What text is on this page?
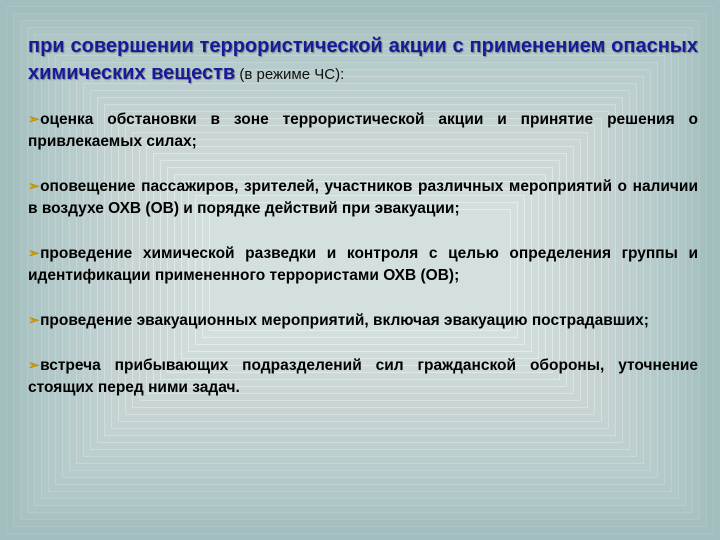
при совершении террористической акции с применением опасных химических веществ (в режиме ЧС):

➢ оценка обстановки в зоне террористической акции и принятие решения о привлекаемых силах;
➢ оповещение пассажиров, зрителей, участников различных мероприятий о наличии в воздухе ОХВ (ОВ) и порядке действий при эвакуации;
➢ проведение химической разведки и контроля с целью определения группы и идентификации примененного террористами ОХВ (ОВ);
➢ проведение эвакуационных мероприятий, включая эвакуацию пострадавших;
➢ встреча прибывающих подразделений сил гражданской обороны, уточнение стоящих перед ними задач.
